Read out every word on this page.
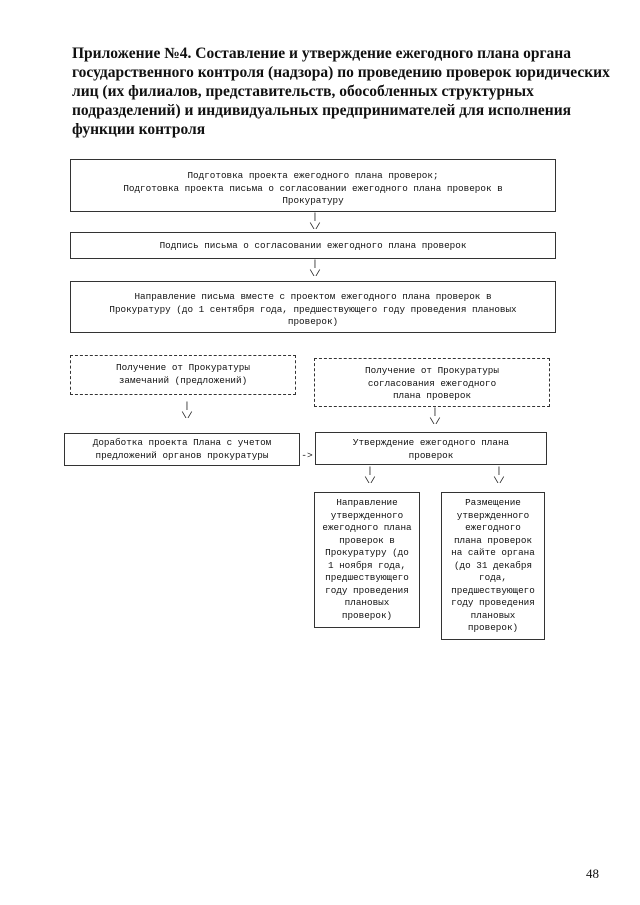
Приложение №4. Составление и утверждение ежегодного плана органа
государственного контроля (надзора) по проведению проверок юридических
лиц (их филиалов, представительств, обособленных структурных
подразделений) и индивидуальных предпринимателей для исполнения
функции контроля
Подготовка проекта ежегодного плана проверок;
Подготовка проекта письма о согласовании ежегодного плана проверок в
Прокуратуру
|
\/
Подпись письма о согласовании ежегодного плана проверок
|
\/
Направление письма вместе с проектом ежегодного плана проверок в
Прокуратуру (до 1 сентября года, предшествующего году проведения плановых
проверок)
Получение от Прокуратуры
замечаний (предложений)
|
\/
Получение от Прокуратуры
согласования ежегодного
плана проверок
|
\/
Доработка проекта Плана с учетом
предложений органов прокуратуры	->
Утверждение ежегодного плана
проверок
|
\/
|
\/
Направление
утвержденного
ежегодного плана
проверок в
Прокуратуру (до
1 ноября года,
предшествующего
году проведения
плановых
проверок)
Размещение
утвержденного
ежегодного
плана проверок
на сайте органа
(до 31 декабря
года,
предшествующего
году проведения
плановых
проверок)
48
